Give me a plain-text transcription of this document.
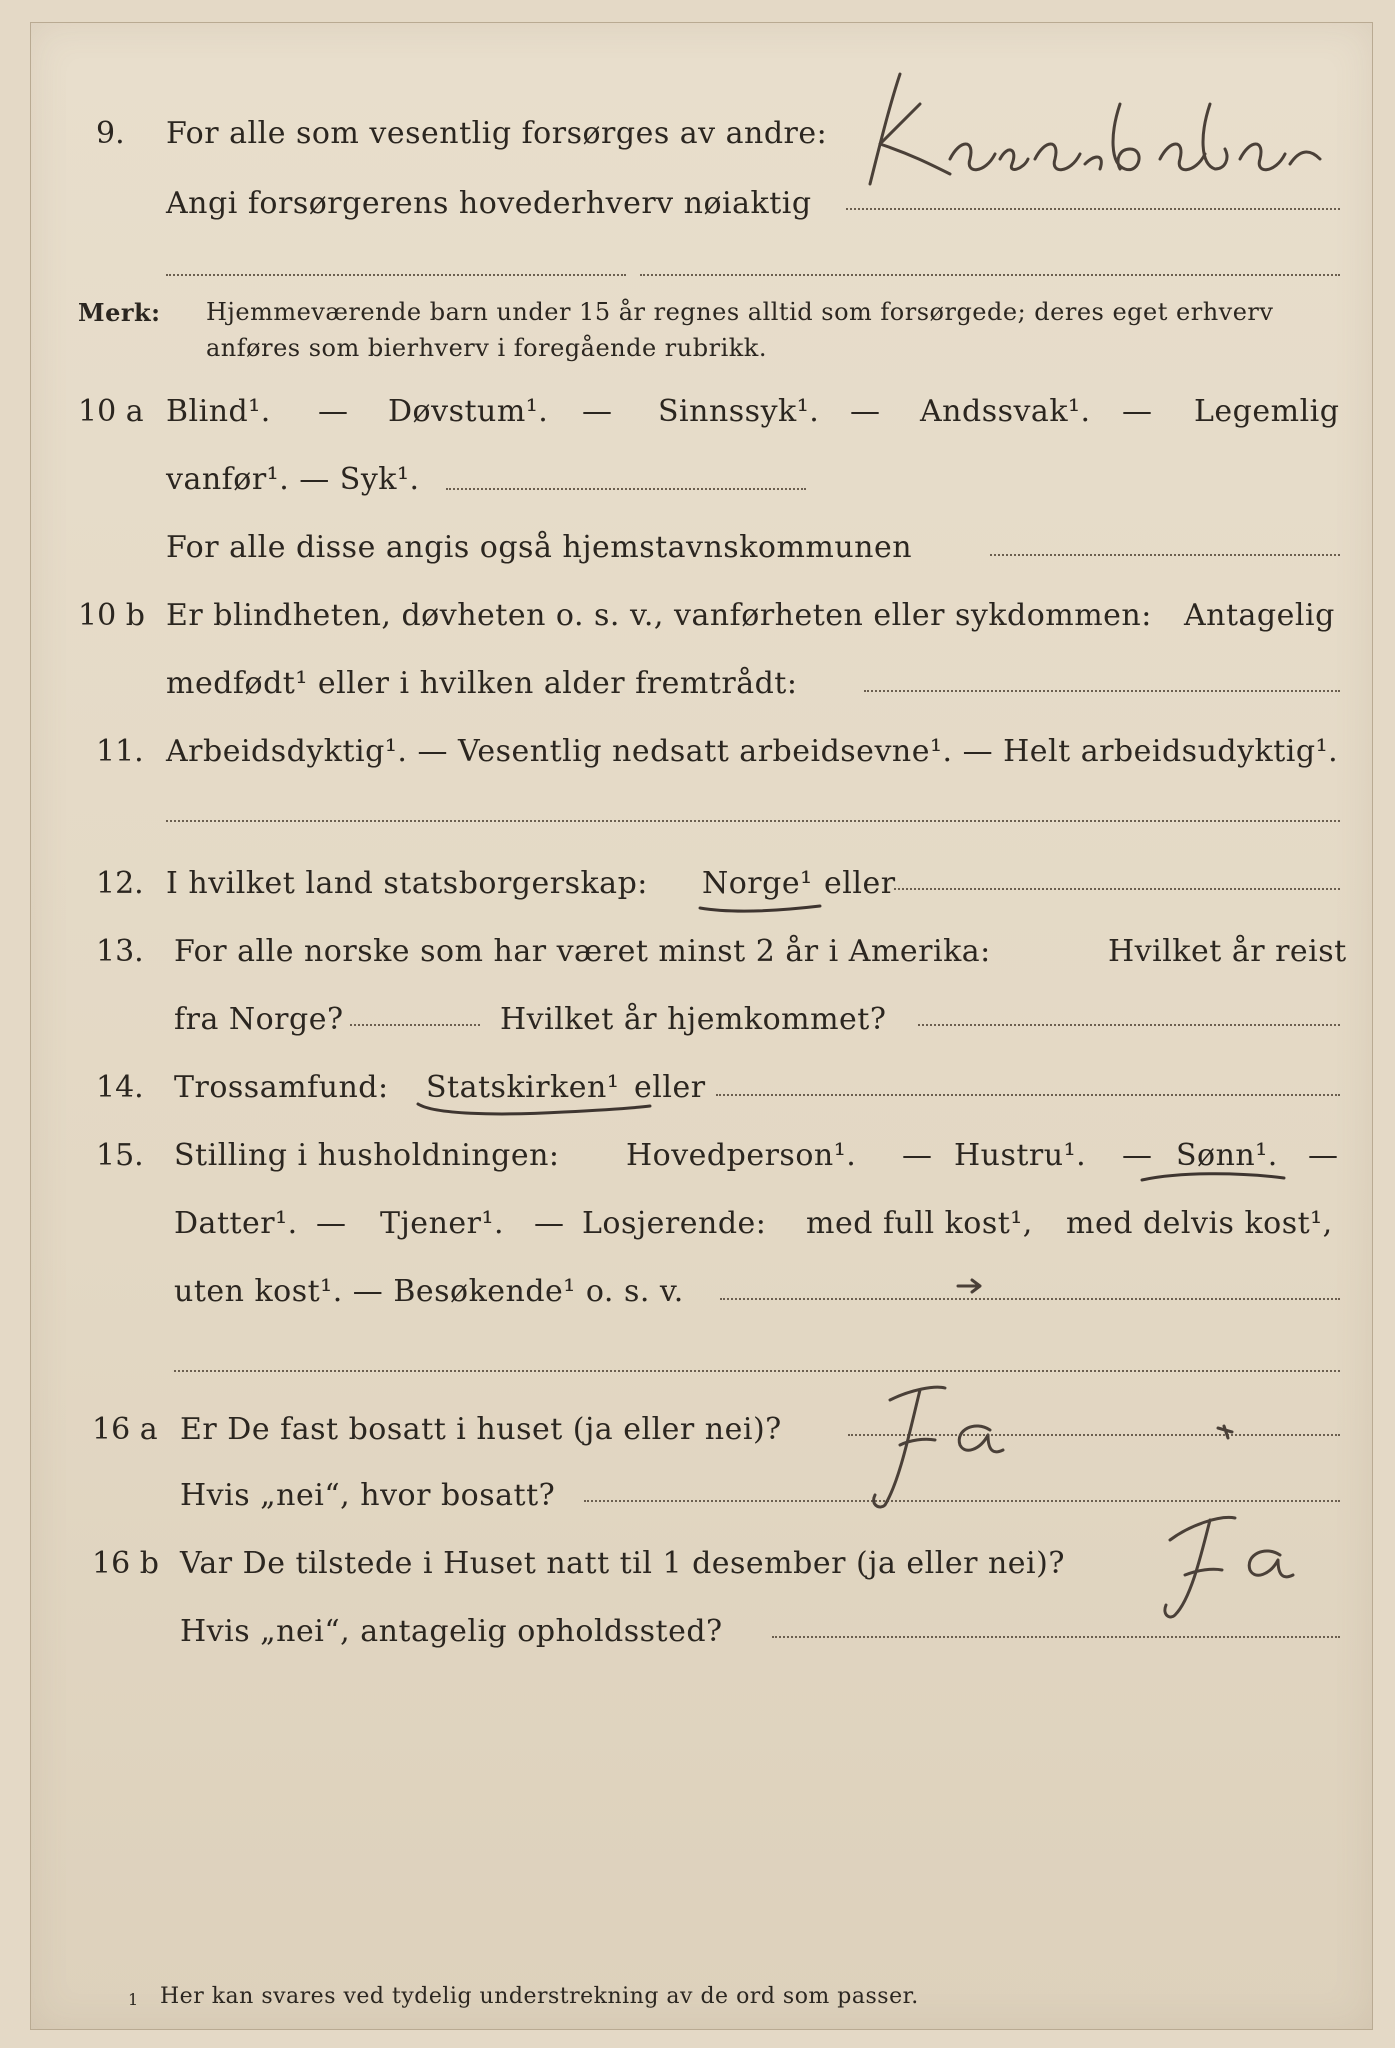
9. For alle som vesentlig forsørges av andre:
Angi forsørgerens hovederhverv nøiaktig
Merk: Hjemmeværende barn under 15 år regnes alltid som forsørgede; deres eget erhverv
anføres som bierhverv i foregående rubrikk.
10 a Blind¹. — Døvstum¹. — Sinnssyk¹. — Andssvak¹. — Legemlig
vanfør¹. — Syk¹.
For alle disse angis også hjemstavnskommunen
10 b Er blindheten, døvheten o. s. v., vanførheten eller sykdommen: Antagelig
medfødt¹ eller i hvilken alder fremtrådt:
11. Arbeidsdyktig¹. — Vesentlig nedsatt arbeidsevne¹. — Helt arbeidsudyktig¹.
12. I hvilket land statsborgerskap: Norge¹ eller
13. For alle norske som har været minst 2 år i Amerika:	Hvilket år reist
fra Norge?	Hvilket år hjemkommet?
14. Trossamfund: Statskirken¹ eller
15. Stilling i husholdningen: Hovedperson¹. — Hustru¹. — Sønn¹. —
Datter¹. — Tjener¹. — Losjerende: med full kost¹, med delvis kost¹,
uten kost¹. — Besøkende¹ o. s. v.
16 a Er De fast bosatt i huset (ja eller nei)?
Hvis „nei“, hvor bosatt?
16 b Var De tilstede i Huset natt til 1 desember (ja eller nei)?
Hvis „nei“, antagelig opholdssted?
1 Her kan svares ved tydelig understrekning av de ord som passer.
